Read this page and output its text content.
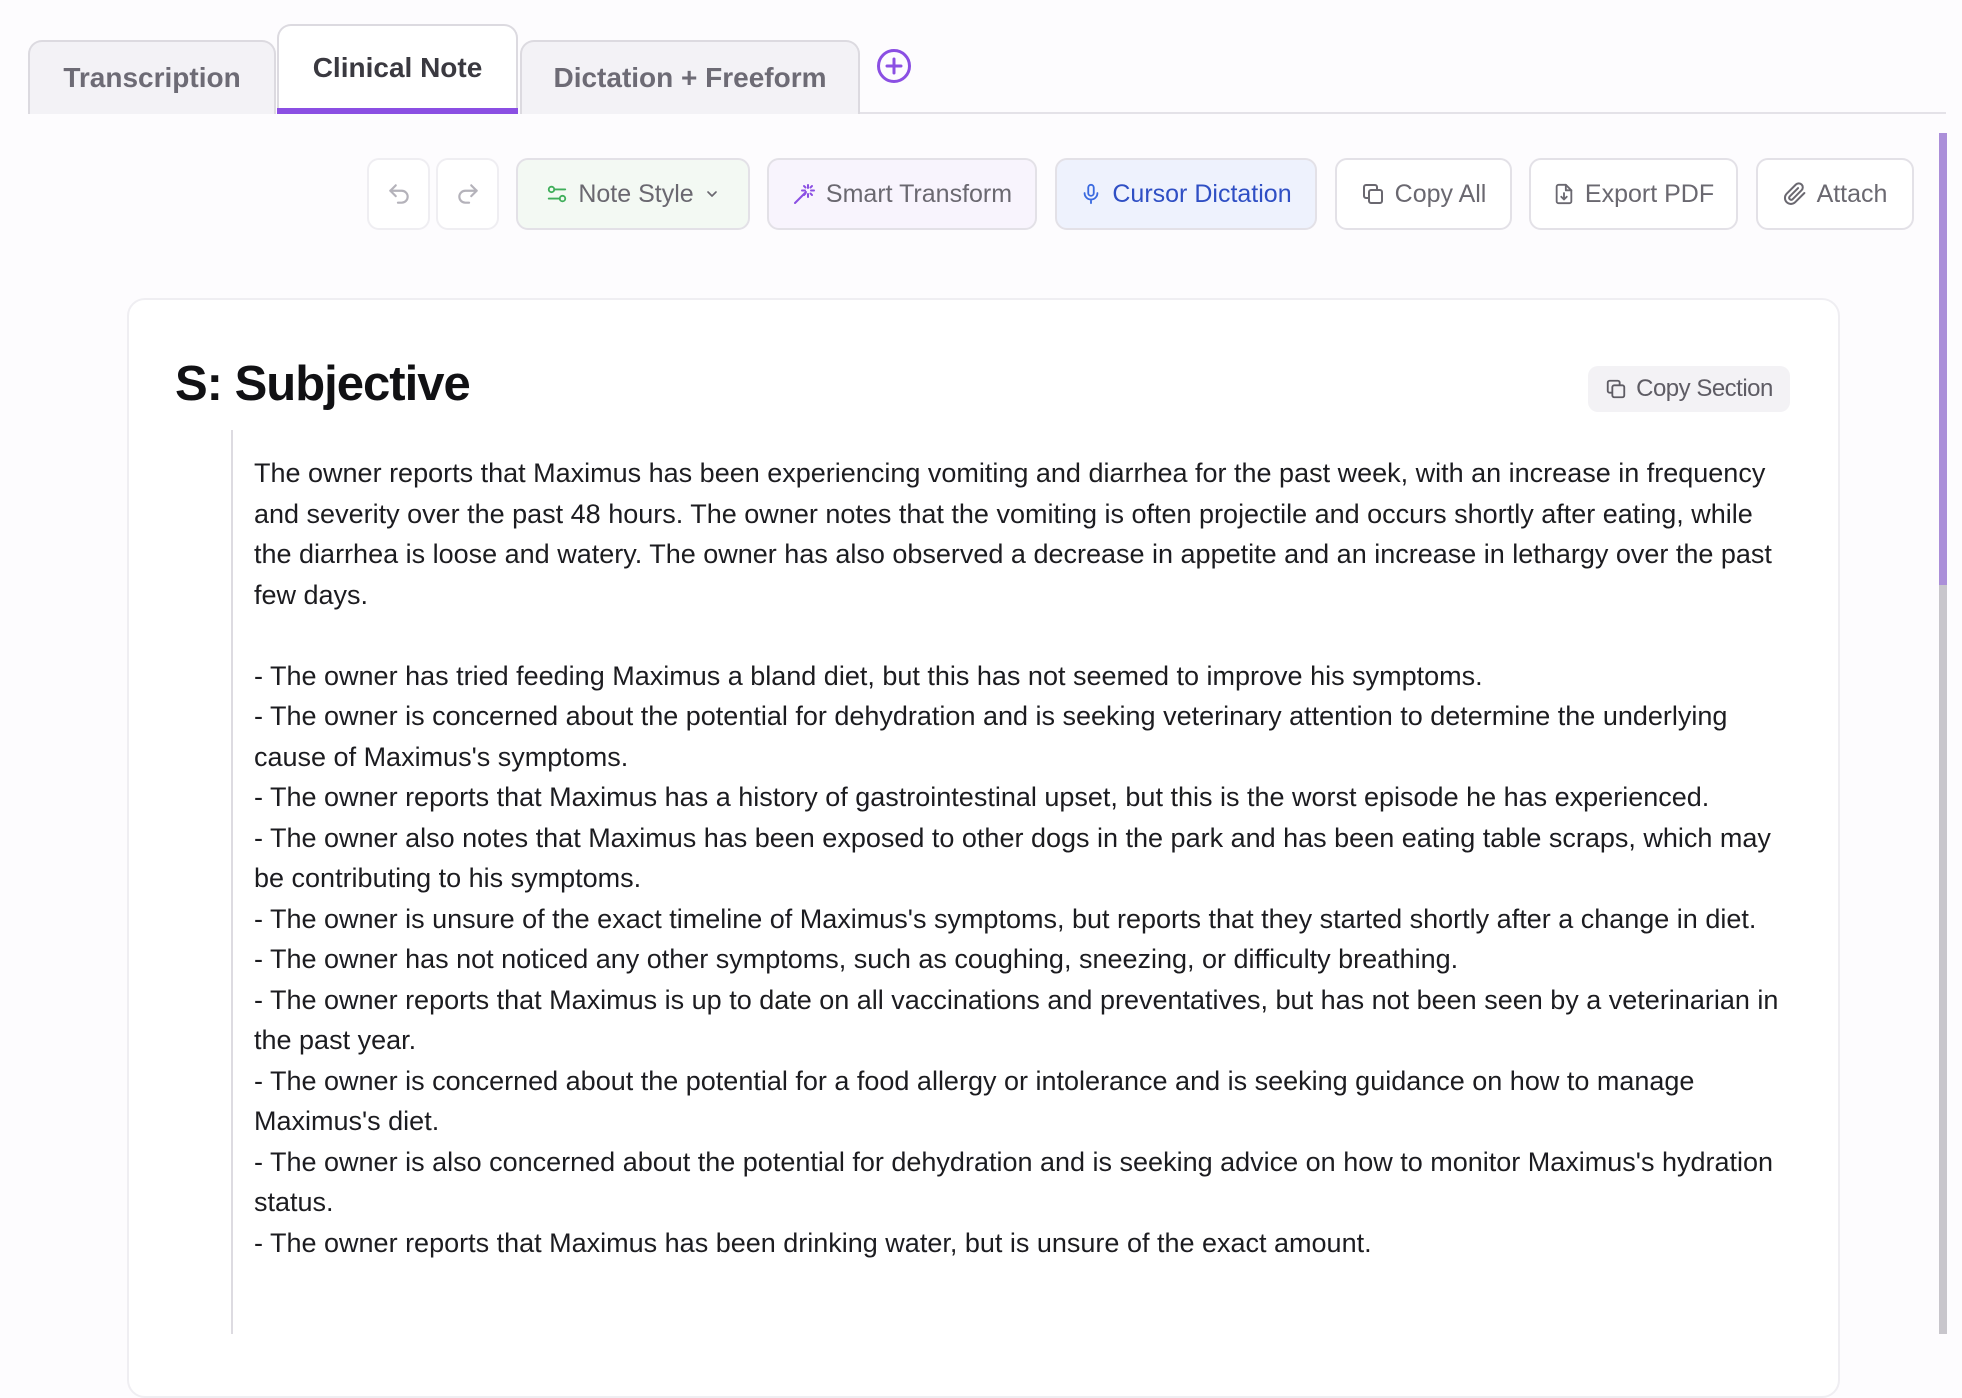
Transcription	Clinical Note	Dictation + Freeform
Note Style	Smart Transform	Cursor Dictation	Copy All	Export PDF	Attach
S: Subjective	Copy Section

The owner reports that Maximus has been experiencing vomiting and diarrhea for the past week, with an increase in frequency and severity over the past 48 hours. The owner notes that the vomiting is often projectile and occurs shortly after eating, while the diarrhea is loose and watery. The owner has also observed a decrease in appetite and an increase in lethargy over the past few days.

- The owner has tried feeding Maximus a bland diet, but this has not seemed to improve his symptoms.

- The owner is concerned about the potential for dehydration and is seeking veterinary attention to determine the underlying cause of Maximus's symptoms.

- The owner reports that Maximus has a history of gastrointestinal upset, but this is the worst episode he has experienced.

- The owner also notes that Maximus has been exposed to other dogs in the park and has been eating table scraps, which may be contributing to his symptoms.

- The owner is unsure of the exact timeline of Maximus's symptoms, but reports that they started shortly after a change in diet.

- The owner has not noticed any other symptoms, such as coughing, sneezing, or difficulty breathing.

- The owner reports that Maximus is up to date on all vaccinations and preventatives, but has not been seen by a veterinarian in the past year.

- The owner is concerned about the potential for a food allergy or intolerance and is seeking guidance on how to manage Maximus's diet.

- The owner is also concerned about the potential for dehydration and is seeking advice on how to monitor Maximus's hydration status.

- The owner reports that Maximus has been drinking water, but is unsure of the exact amount.
